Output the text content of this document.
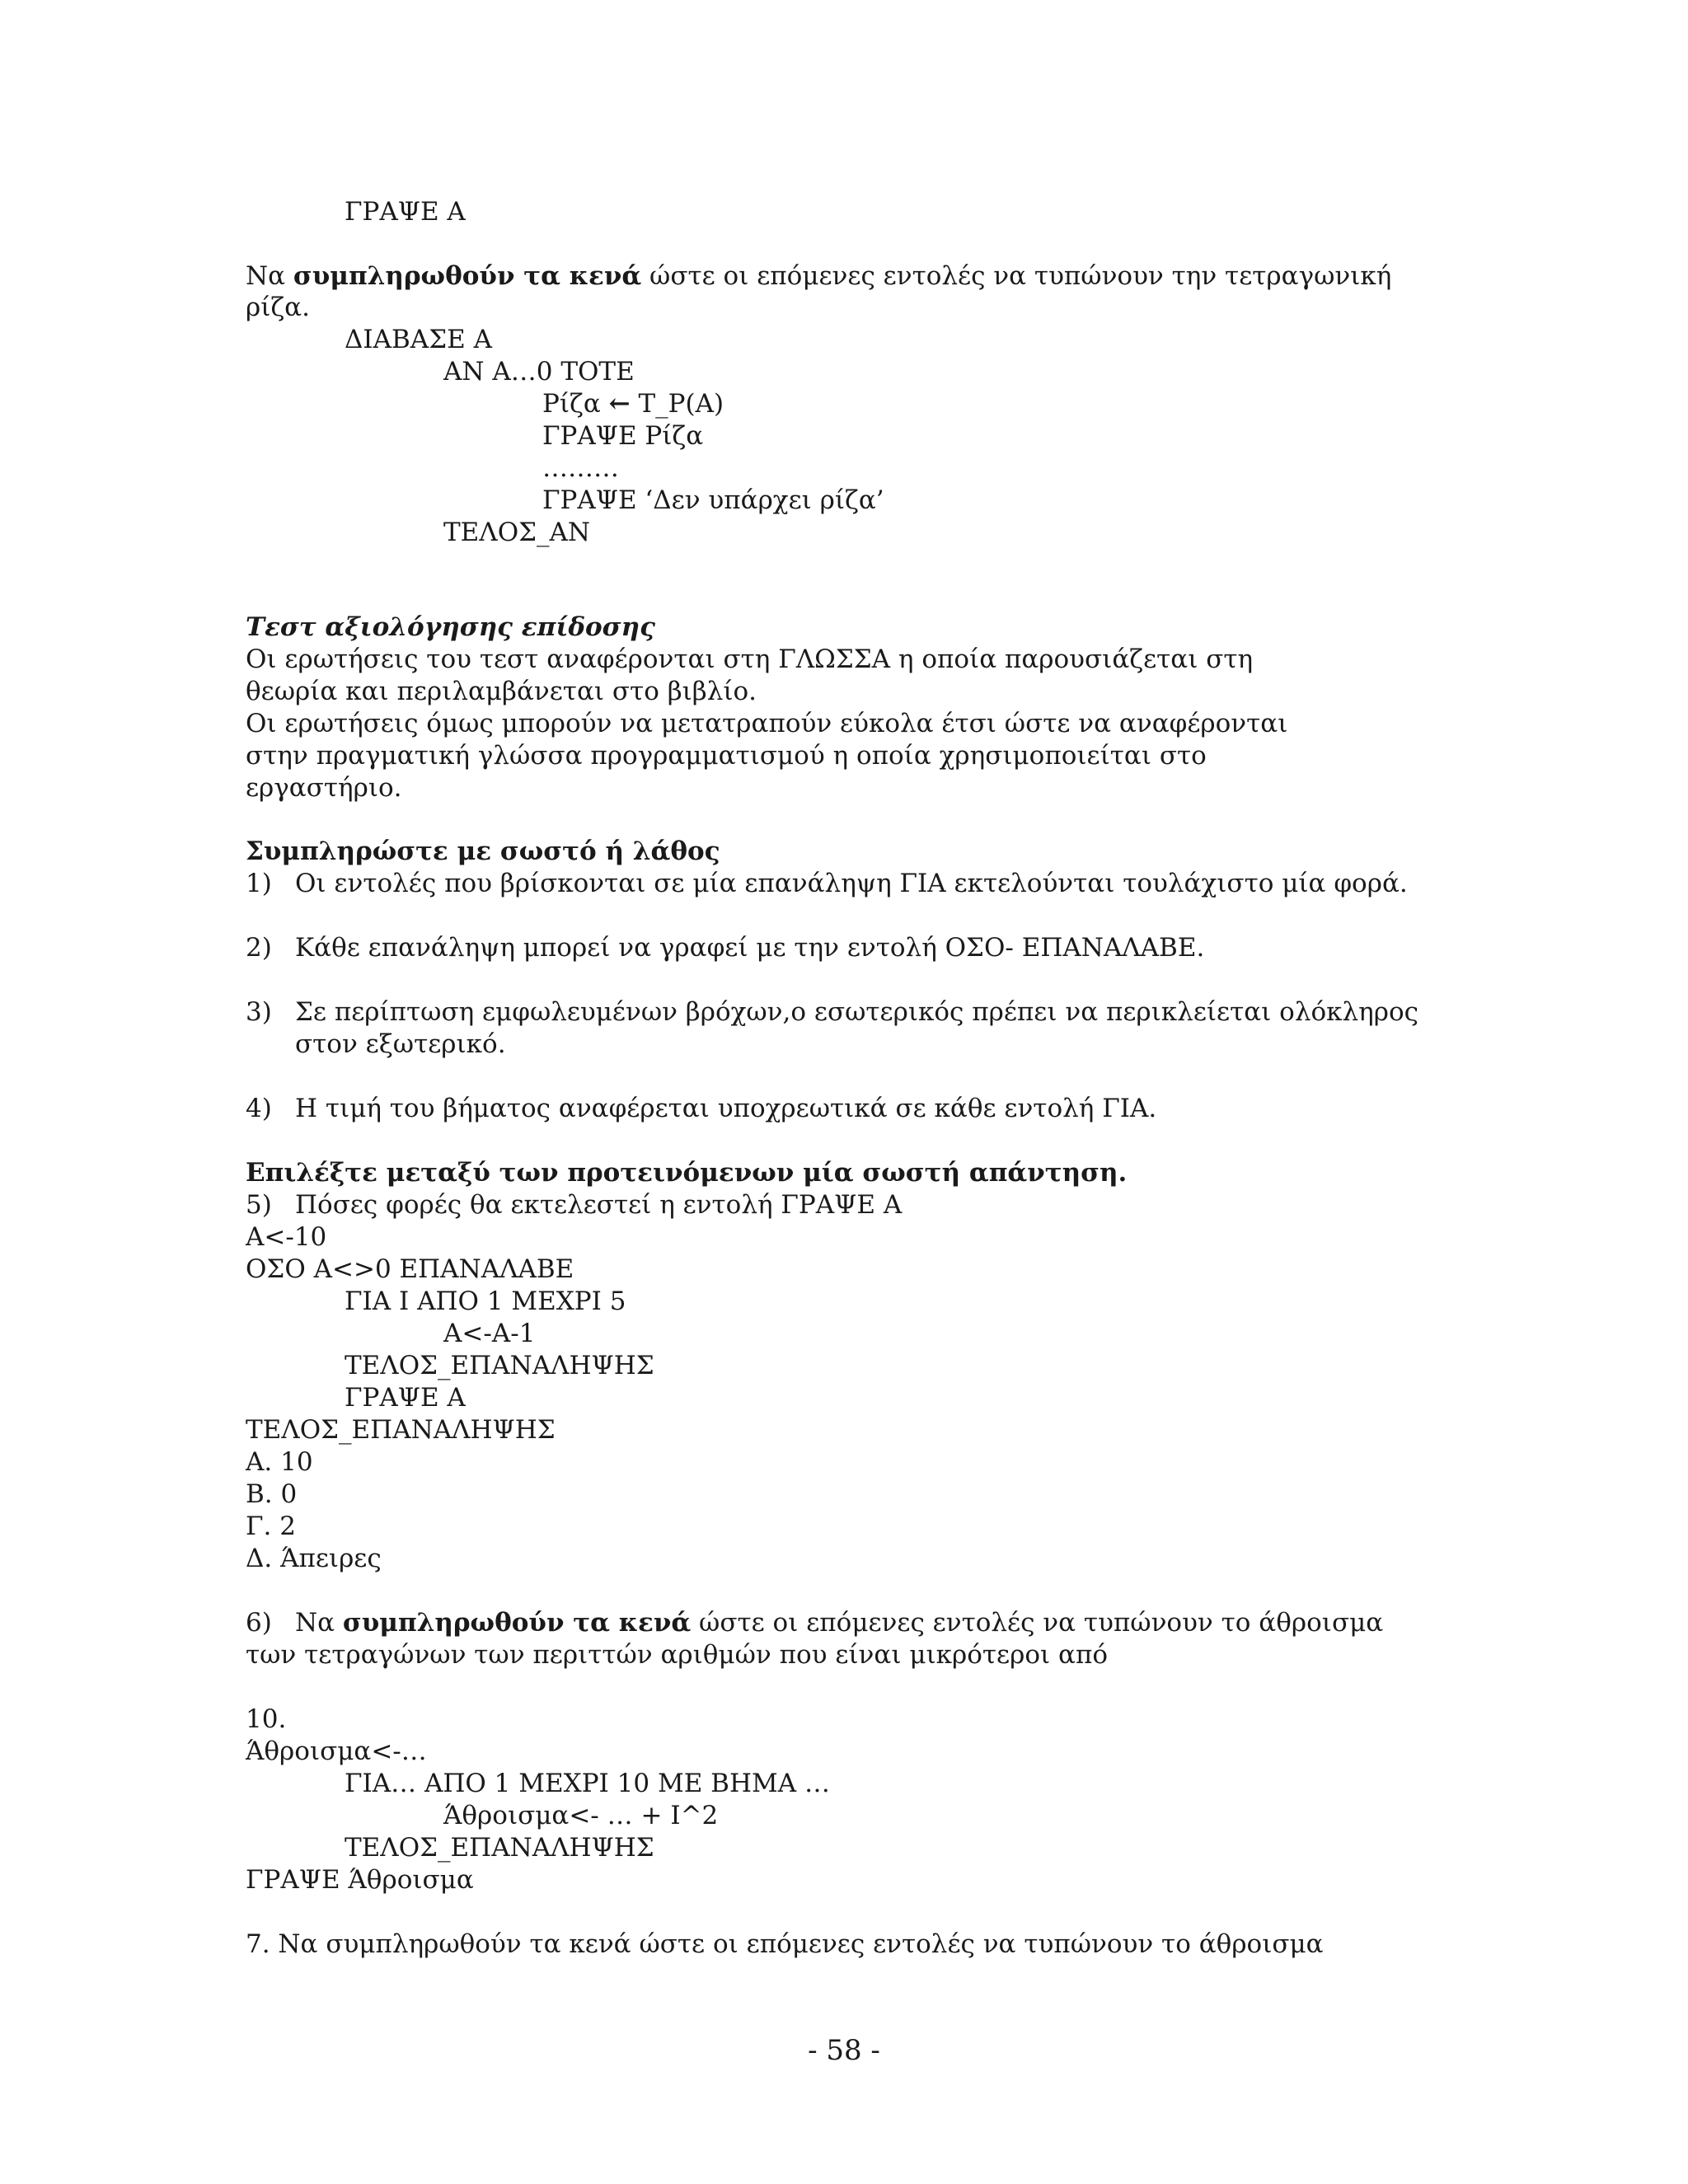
ΓΡΑΨΕ Α
Να συμπληρωθούν τα κενά ώστε οι επόμενες εντολές να τυπώνουν την τετραγωνική
ρίζα.
ΔΙΑΒΑΣΕ Α
ΑΝ Α…0 ΤΟΤΕ
Ρίζα ← Τ_Ρ(Α)
ΓΡΑΨΕ Ρίζα
………
ΓΡΑΨΕ ‘Δεν υπάρχει ρίζα’
ΤΕΛΟΣ_ΑΝ
Τεστ αξιολόγησης επίδοσης
Οι ερωτήσεις του τεστ αναφέρονται στη ΓΛΩΣΣΑ η οποία παρουσιάζεται στη
θεωρία και περιλαμβάνεται στο βιβλίο.
Οι ερωτήσεις όμως μπορούν να μετατραπούν εύκολα έτσι ώστε να αναφέρονται
στην πραγματική γλώσσα προγραμματισμού η οποία χρησιμοποιείται στο
εργαστήριο.
Συμπληρώστε με σωστό ή λάθος
1) Οι εντολές που βρίσκονται σε μία επανάληψη ΓΙΑ εκτελούνται τουλάχιστο μία φορά.
2) Κάθε επανάληψη μπορεί να γραφεί με την εντολή ΟΣΟ- ΕΠΑΝΑΛΑΒΕ.
3) Σε περίπτωση εμφωλευμένων βρόχων,ο εσωτερικός πρέπει να περικλείεται ολόκληρος
στον εξωτερικό.
4) Η τιμή του βήματος αναφέρεται υποχρεωτικά σε κάθε εντολή ΓΙΑ.
Επιλέξτε μεταξύ των προτεινόμενων μία σωστή απάντηση.
5) Πόσες φορές θα εκτελεστεί η εντολή ΓΡΑΨΕ Α
Α<-10
ΟΣΟ Α<>0 ΕΠΑΝΑΛΑΒΕ
ΓΙΑ Ι ΑΠΟ 1 ΜΕΧΡΙ 5
Α<-Α-1
ΤΕΛΟΣ_ΕΠΑΝΑΛΗΨΗΣ
ΓΡΑΨΕ Α
ΤΕΛΟΣ_ΕΠΑΝΑΛΗΨΗΣ
Α. 10
Β. 0
Γ. 2
Δ. Άπειρες
6) Να συμπληρωθούν τα κενά ώστε οι επόμενες εντολές να τυπώνουν το άθροισμα
των τετραγώνων των περιττών αριθμών που είναι μικρότεροι από
10.
Άθροισμα<-…
ΓΙΑ… ΑΠΟ 1 ΜΕΧΡΙ 10 ΜΕ ΒΗΜΑ …
Άθροισμα<- … + Ι^2
ΤΕΛΟΣ_ΕΠΑΝΑΛΗΨΗΣ
ΓΡΑΨΕ Άθροισμα
7. Να συμπληρωθούν τα κενά ώστε οι επόμενες εντολές να τυπώνουν το άθροισμα
- 58 -
